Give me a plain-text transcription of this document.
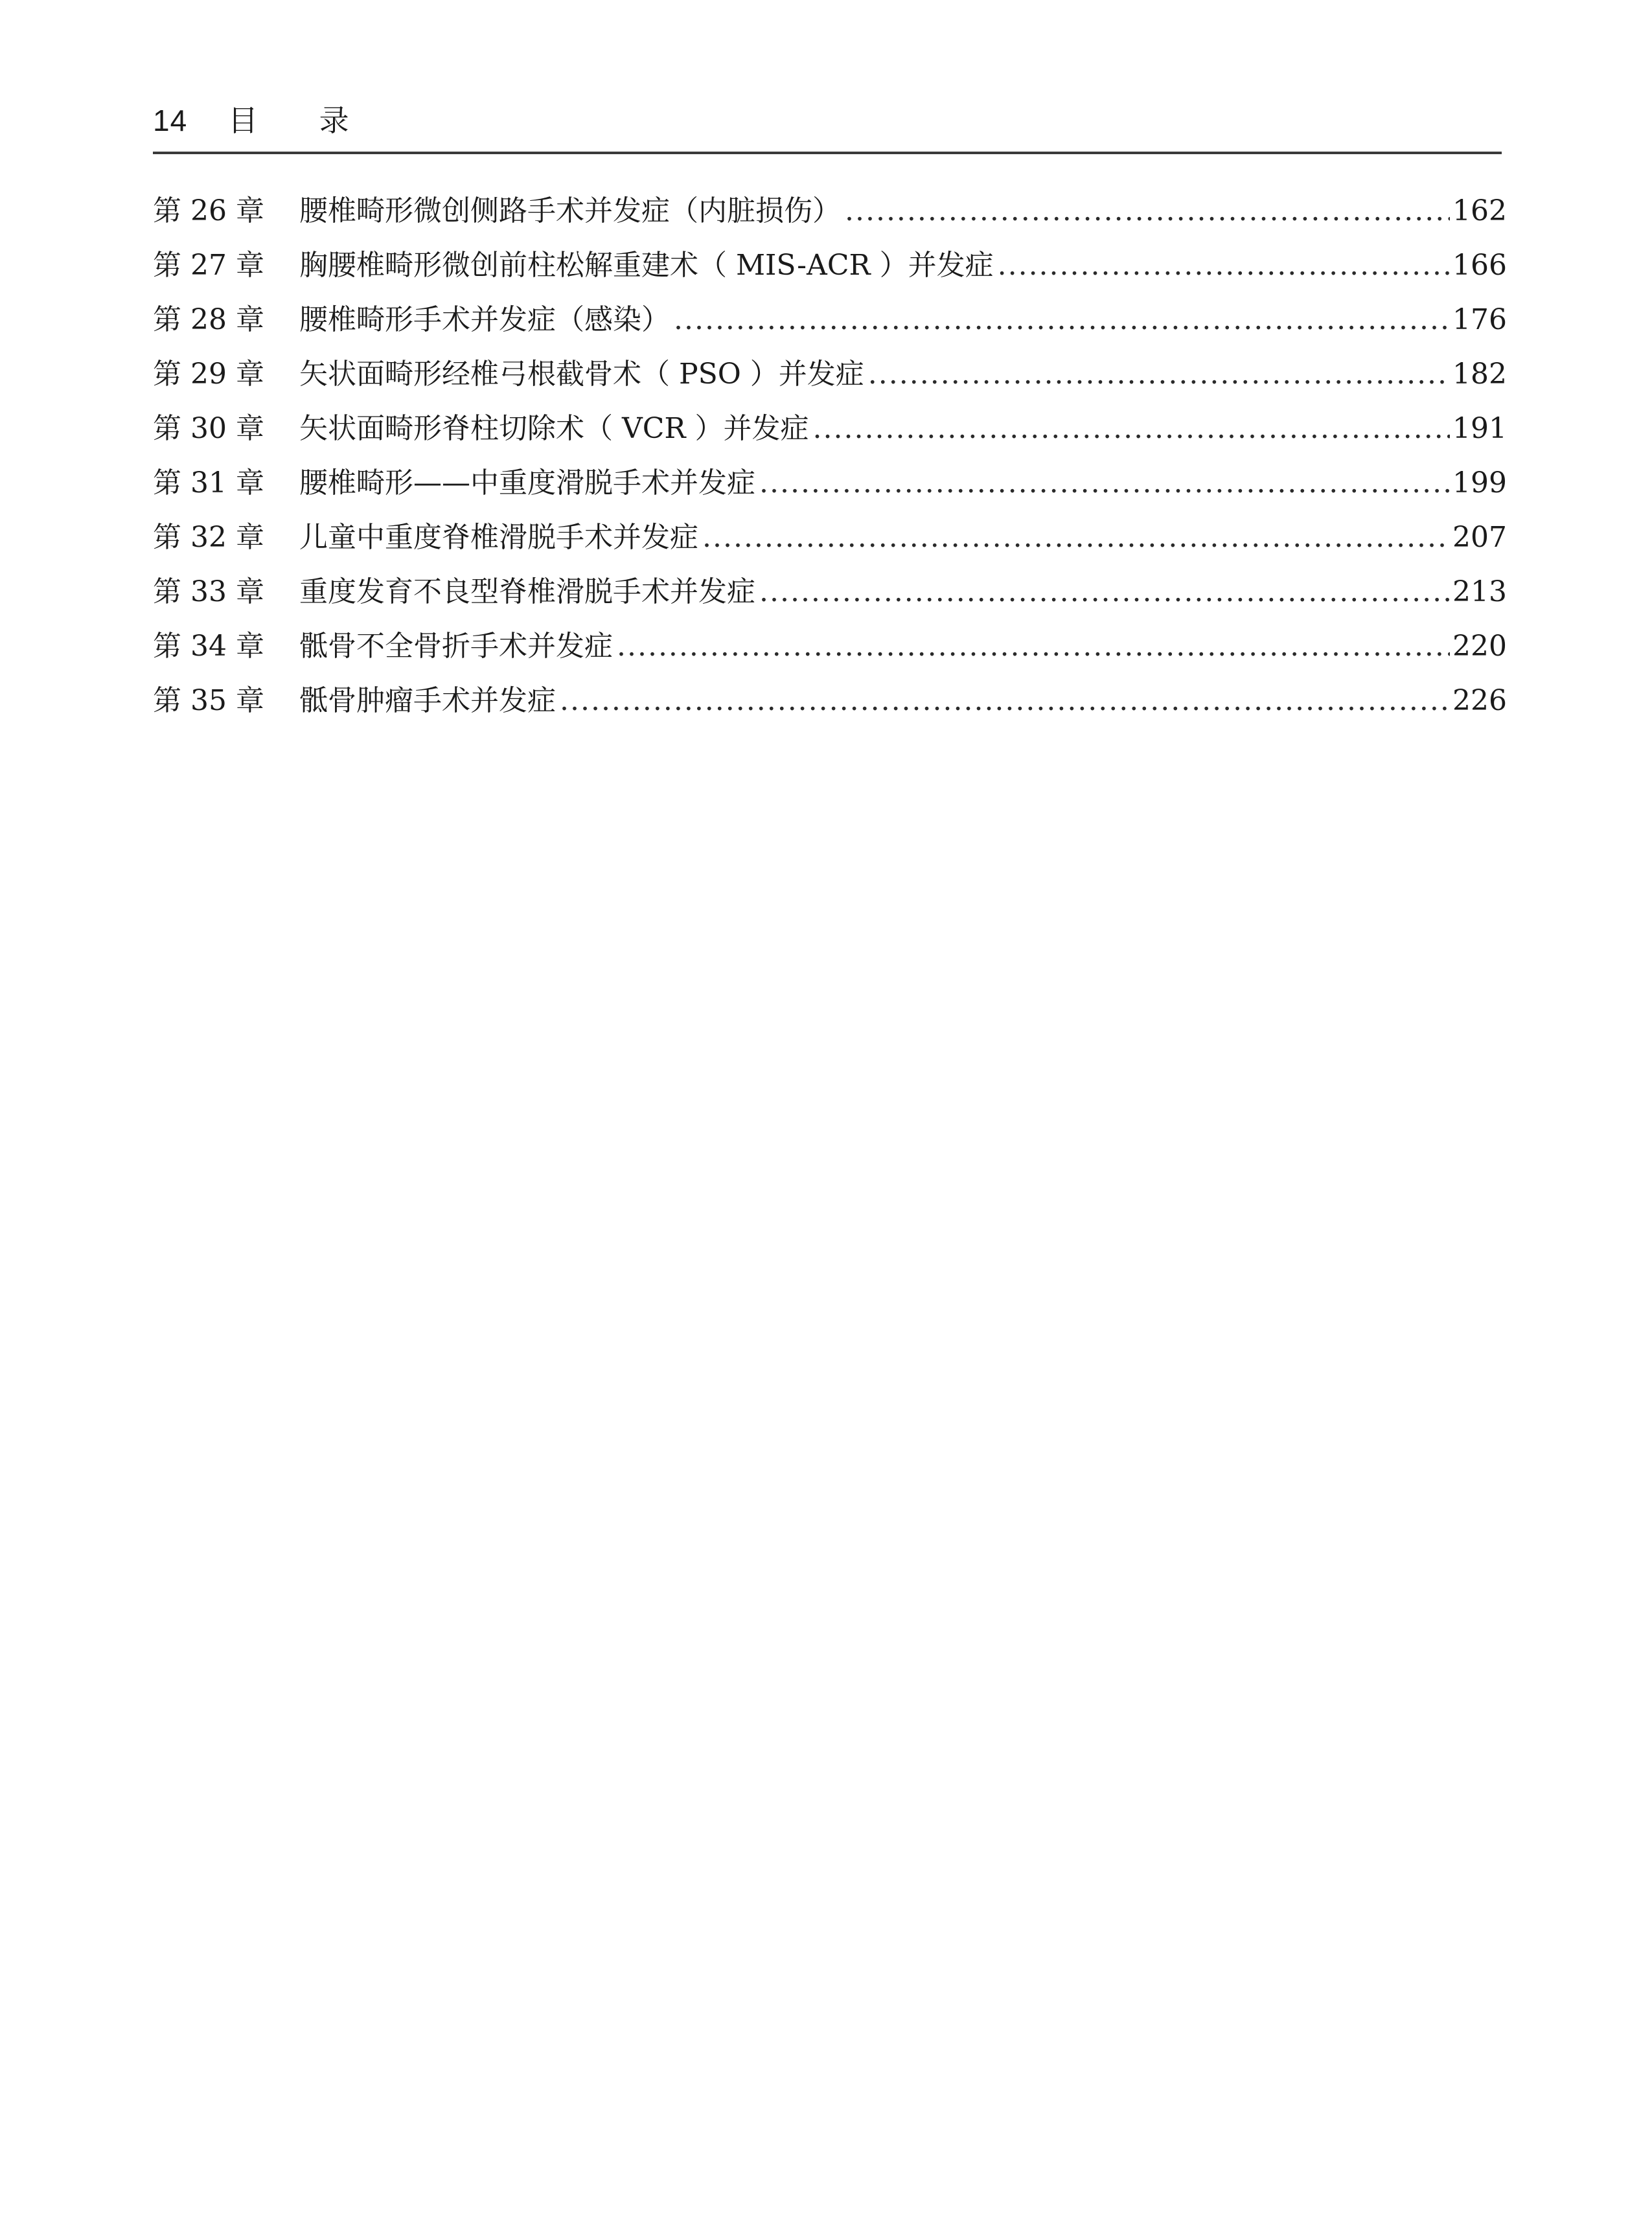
14 目 录
第 26 章	腰椎畸形微创侧路手术并发症（内脏损伤） .....	162
第 27 章	胸腰椎畸形微创前柱松解重建术（ MIS-ACR ）并发症 .....	166
第 28 章	腰椎畸形手术并发症（感染） .....	176
第 29 章	矢状面畸形经椎弓根截骨术（ PSO ）并发症 .....	182
第 30 章	矢状面畸形脊柱切除术（ VCR ）并发症 .....	191
第 31 章	腰椎畸形——中重度滑脱手术并发症 .....	199
第 32 章	儿童中重度脊椎滑脱手术并发症 .....	207
第 33 章	重度发育不良型脊椎滑脱手术并发症 .....	213
第 34 章	骶骨不全骨折手术并发症 .....	220
第 35 章	骶骨肿瘤手术并发症 .....	226
